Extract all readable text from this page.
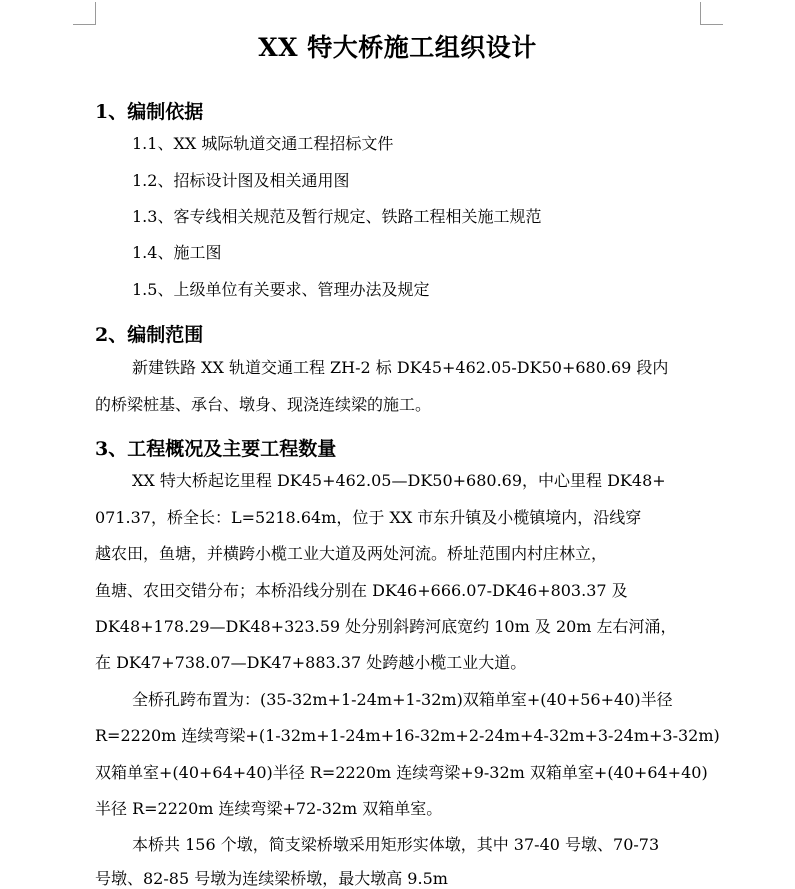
XX 特大桥施工组织设计
1、编制依据
1.1、XX 城际轨道交通工程招标文件
1.2、招标设计图及相关通用图
1.3、客专线相关规范及暂行规定、铁路工程相关施工规范
1.4、施工图
1.5、上级单位有关要求、管理办法及规定
2、编制范围
新建铁路 XX 轨道交通工程 ZH-2 标 DK45+462.05-DK50+680.69 段内
的桥梁桩基、承台、墩身、现浇连续梁的施工。
3、工程概况及主要工程数量
XX 特大桥起讫里程 DK45+462.05—DK50+680.69，中心里程 DK48+
071.37，桥全长：L=5218.64m，位于 XX 市东升镇及小榄镇境内，沿线穿
越农田，鱼塘，并横跨小榄工业大道及两处河流。桥址范围内村庄林立，
鱼塘、农田交错分布；本桥沿线分别在 DK46+666.07-DK46+803.37 及
DK48+178.29—DK48+323.59 处分别斜跨河底宽约 10m 及 20m 左右河涌，
在 DK47+738.07—DK47+883.37 处跨越小榄工业大道。
全桥孔跨布置为：(35-32m+1-24m+1-32m)双箱单室+(40+56+40)半径
R=2220m 连续弯梁+(1-32m+1-24m+16-32m+2-24m+4-32m+3-24m+3-32m)
双箱单室+(40+64+40)半径 R=2220m 连续弯梁+9-32m 双箱单室+(40+64+40)
半径 R=2220m 连续弯梁+72-32m 双箱单室。
本桥共 156 个墩，简支梁桥墩采用矩形实体墩，其中 37-40 号墩、70-73
号墩、82-85 号墩为连续梁桥墩，最大墩高 9.5m
